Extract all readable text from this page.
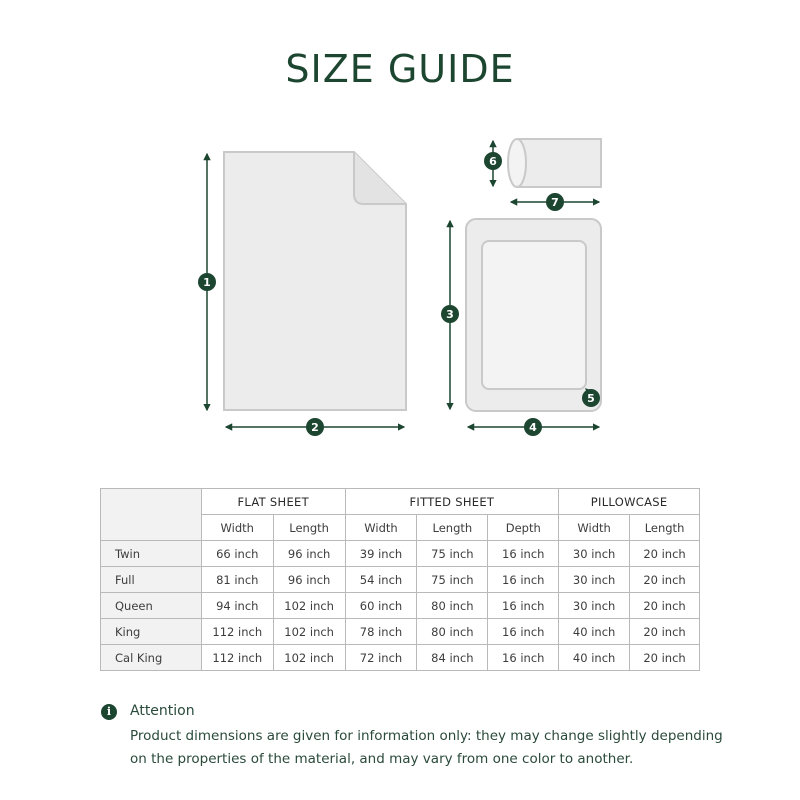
SIZE GUIDE
1
2
3
4
5
6
7
	FLAT SHEET		FITTED SHEET			PILLOWCASE	
	Width	Length	Width	Length	Depth	Width	Length
Twin	66 inch	96 inch	39 inch	75 inch	16 inch	30 inch	20 inch
Full	81 inch	96 inch	54 inch	75 inch	16 inch	30 inch	20 inch
Queen	94 inch	102 inch	60 inch	80 inch	16 inch	30 inch	20 inch
King	112 inch	102 inch	78 inch	80 inch	16 inch	40 inch	20 inch
Cal King	112 inch	102 inch	72 inch	84 inch	16 inch	40 inch	20 inch
i	Attention
Product dimensions are given for information only: they may change slightly depending on the properties of the material, and may vary from one color to another.
